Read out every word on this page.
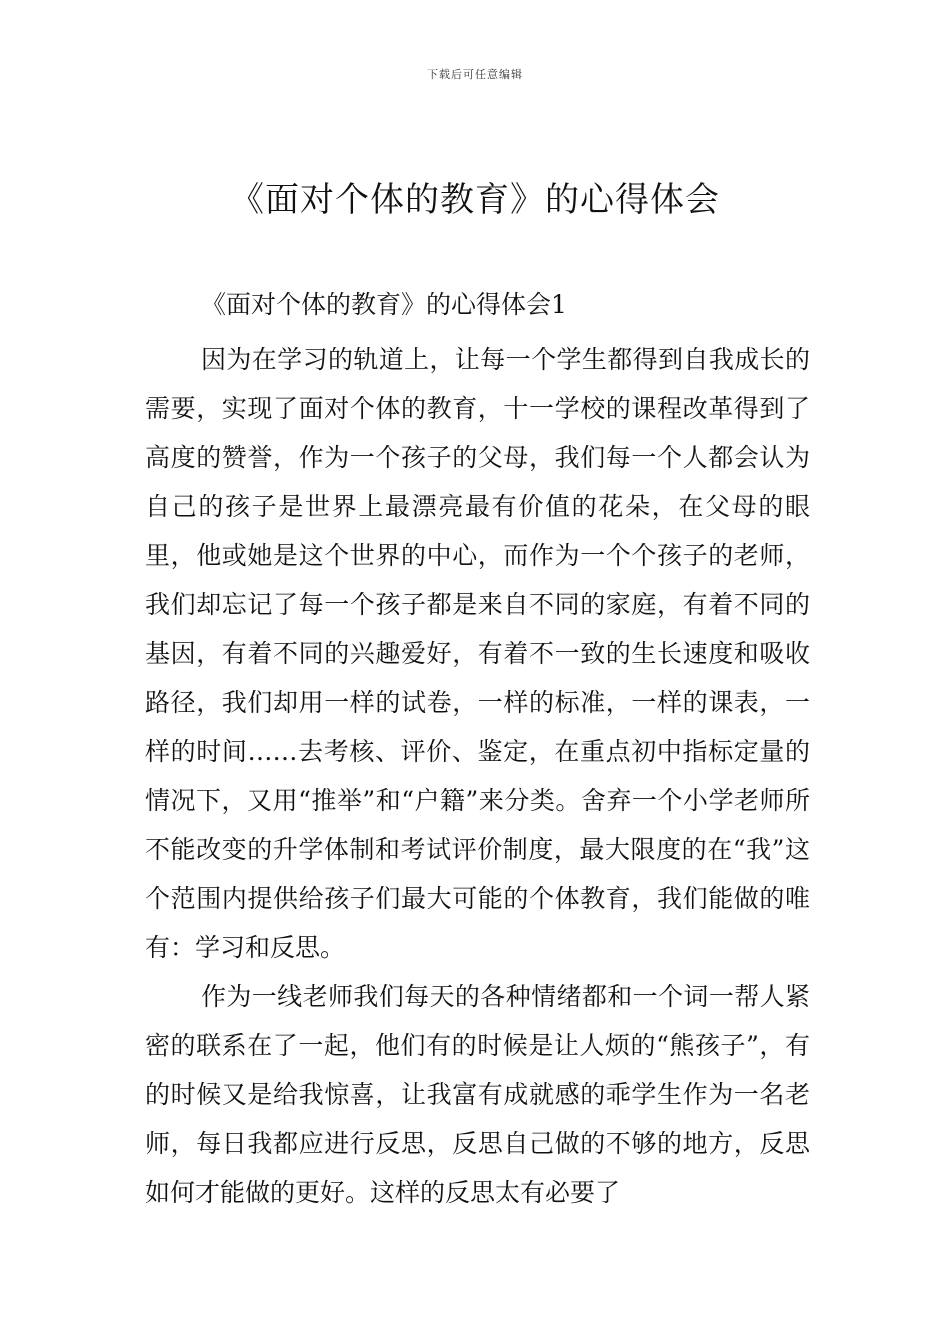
下载后可任意编辑
《面对个体的教育》的心得体会

《面对个体的教育》的心得体会1

因为在学习的轨道上，让每一个学生都得到自我成长的需要，实现了面对个体的教育，十一学校的课程改革得到了高度的赞誉，作为一个孩子的父母，我们每一个人都会认为自己的孩子是世界上最漂亮最有价值的花朵，在父母的眼里，他或她是这个世界的中心，而作为一个个孩子的老师，我们却忘记了每一个孩子都是来自不同的家庭，有着不同的基因，有着不同的兴趣爱好，有着不一致的生长速度和吸收路径，我们却用一样的试卷，一样的标准，一样的课表，一样的时间……去考核、评价、鉴定，在重点初中指标定量的情况下，又用“推举”和“户籍”来分类。舍弃一个小学老师所不能改变的升学体制和考试评价制度，最大限度的在“我”这个范围内提供给孩子们最大可能的个体教育，我们能做的唯有：学习和反思。

作为一线老师我们每天的各种情绪都和一个词一帮人紧密的联系在了一起，他们有的时候是让人烦的“熊孩子”，有的时候又是给我惊喜，让我富有成就感的乖学生作为一名老师，每日我都应进行反思，反思自己做的不够的地方，反思如何才能做的更好。这样的反思太有必要了
